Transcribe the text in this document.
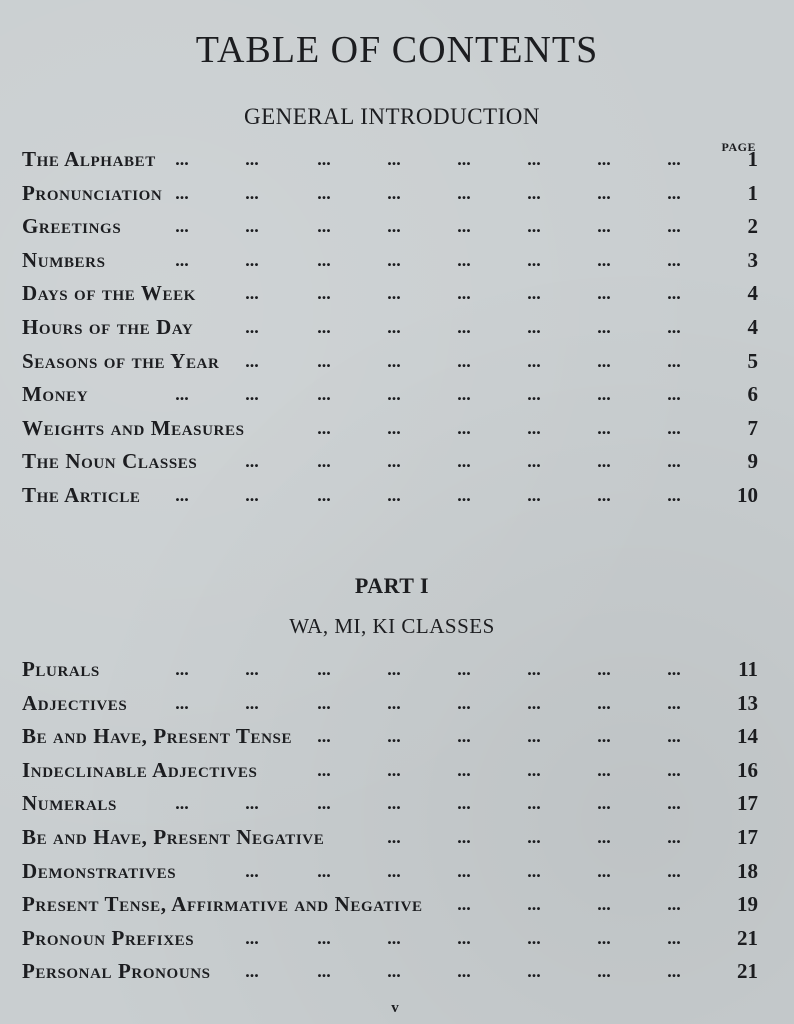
TABLE OF CONTENTS
GENERAL INTRODUCTION
PAGE
...	...	...	...	...	...	...	...
The Alphabet	1
...	...	...	...	...	...	...	...
Pronunciation	1
...	...	...	...	...	...	...	...
Greetings	2
...	...	...	...	...	...	...	...
Numbers	3
...	...	...	...	...	...	...
Days of the Week	4
...	...	...	...	...	...	...
Hours of the Day	4
...	...	...	...	...	...	...
Seasons of the Year	5
...	...	...	...	...	...	...	...
Money	6
...	...	...	...	...	...
Weights and Measures	7
...	...	...	...	...	...	...
The Noun Classes	9
...	...	...	...	...	...	...	...
The Article	10
PART I
WA, MI, KI CLASSES
...	...	...	...	...	...	...	...
Plurals	11
...	...	...	...	...	...	...	...
Adjectives	13
...	...	...	...	...	...
Be and Have, Present Tense	14
...	...	...	...	...	...
Indeclinable Adjectives	16
...	...	...	...	...	...	...	...
Numerals	17
...	...	...	...	...
Be and Have, Present Negative	17
...	...	...	...	...	...	...
Demonstratives	18
...	...	...	...
Present Tense, Affirmative and Negative	19
...	...	...	...	...	...	...
Pronoun Prefixes	21
...	...	...	...	...	...	...
Personal Pronouns	21
v
